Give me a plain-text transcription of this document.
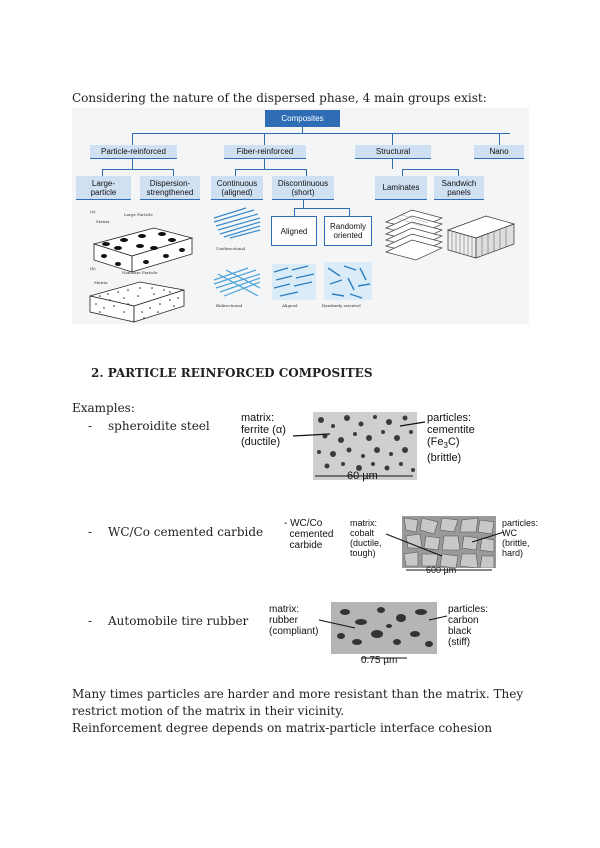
Considering the nature of the dispersed phase, 4 main groups exist:
Composites
Particle-reinforced	Fiber-reinforced	Structural	Nano
Large-
particle
Dispersion-
strengthened
Continuous
(aligned)
Discontinuous
(short)	Laminates	Sandwich
panels
Aligned	Randomly
oriented
(a)
Matrix
Large Particle
(b)
Matrix
Nanosize Particle
Unidirectional
Bidirectional	Aligned	Randomly oriented
2. PARTICLE REINFORCED COMPOSITES
Examples:
- spheroidite steel
matrix:
ferrite (α)
(ductile)
60 µm
particles:
cementite
$(Fe_3C)$
(brittle)
- WC/Co cemented carbide
- WC/Co
cemented
carbide
matrix:
cobalt
(ductile,
tough)
600 µm
particles:
WC
(brittle,
hard)
- Automobile tire rubber
matrix:
rubber
(compliant)
0.75 µm
particles:
carbon
black
(stiff)
Many times particles are harder and more resistant than the matrix. They
restrict motion of the matrix in their vicinity.
Reinforcement degree depends on matrix-particle interface cohesion
